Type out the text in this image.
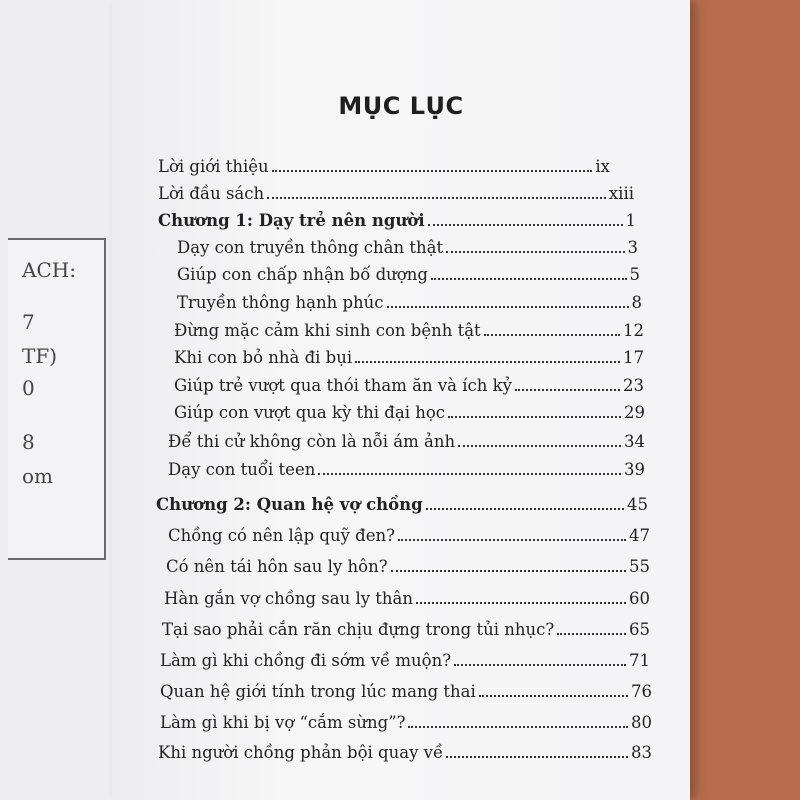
ACH:
7
TF)
0
8
om
MỤC LỤC
Lời giới thiệu	ix
Lời đầu sách	xiii
Chương 1: Dạy trẻ nên người	1
Dạy con truyền thông chân thật	3
Giúp con chấp nhận bố dượng	5
Truyền thông hạnh phúc	8
Đừng mặc cảm khi sinh con bệnh tật	12
Khi con bỏ nhà đi bụi	17
Giúp trẻ vượt qua thói tham ăn và ích kỷ	23
Giúp con vượt qua kỳ thi đại học	29
Để thi cử không còn là nỗi ám ảnh	34
Dạy con tuổi teen	39
Chương 2: Quan hệ vợ chồng	45
Chồng có nên lập quỹ đen?	47
Có nên tái hôn sau ly hôn?	55
Hàn gắn vợ chồng sau ly thân	60
Tại sao phải cắn răn chịu đựng trong tủi nhục?	65
Làm gì khi chồng đi sớm về muộn?	71
Quan hệ giới tính trong lúc mang thai	76
Làm gì khi bị vợ “cắm sừng”?	80
Khi người chồng phản bội quay về	83
